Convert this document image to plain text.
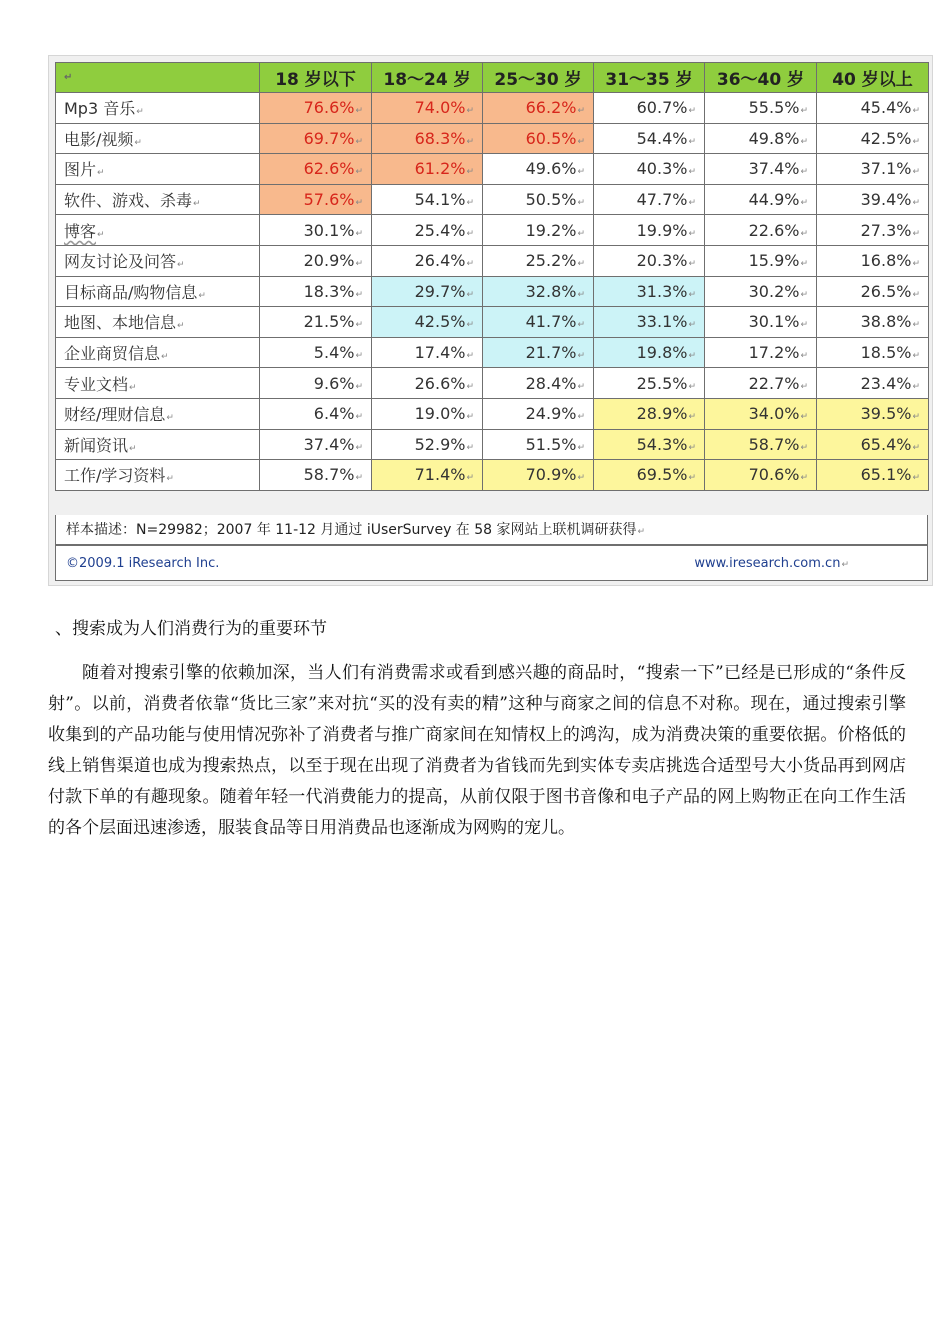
↵	18 岁以下	18～24 岁	25～30 岁	31～35 岁	36～40 岁	40 岁以上
Mp3 音乐↵	76.6%↵	74.0%↵	66.2%↵	60.7%↵	55.5%↵	45.4%↵
电影/视频↵	69.7%↵	68.3%↵	60.5%↵	54.4%↵	49.8%↵	42.5%↵
图片↵	62.6%↵	61.2%↵	49.6%↵	40.3%↵	37.4%↵	37.1%↵
软件、游戏、杀毒↵	57.6%↵	54.1%↵	50.5%↵	47.7%↵	44.9%↵	39.4%↵
博客↵	30.1%↵	25.4%↵	19.2%↵	19.9%↵	22.6%↵	27.3%↵
网友讨论及问答↵	20.9%↵	26.4%↵	25.2%↵	20.3%↵	15.9%↵	16.8%↵
目标商品/购物信息↵	18.3%↵	29.7%↵	32.8%↵	31.3%↵	30.2%↵	26.5%↵
地图、本地信息↵	21.5%↵	42.5%↵	41.7%↵	33.1%↵	30.1%↵	38.8%↵
企业商贸信息↵	5.4%↵	17.4%↵	21.7%↵	19.8%↵	17.2%↵	18.5%↵
专业文档↵	9.6%↵	26.6%↵	28.4%↵	25.5%↵	22.7%↵	23.4%↵
财经/理财信息↵	6.4%↵	19.0%↵	24.9%↵	28.9%↵	34.0%↵	39.5%↵
新闻资讯↵	37.4%↵	52.9%↵	51.5%↵	54.3%↵	58.7%↵	65.4%↵
工作/学习资料↵	58.7%↵	71.4%↵	70.9%↵	69.5%↵	70.6%↵	65.1%↵
样本描述：N=29982；2007 年 11-12 月通过 iUserSurvey 在 58 家网站上联机调研获得↵
©2009.1 iResearch Inc.	www.iresearch.com.cn↵
、搜索成为人们消费行为的重要环节

随着对搜索引擎的依赖加深，当人们有消费需求或看到感兴趣的商品时，“搜索一下”已经是已形成的“条件反射”。以前，消费者依靠“货比三家”来对抗“买的没有卖的精”这种与商家之间的信息不对称。现在，通过搜索引擎收集到的产品功能与使用情况弥补了消费者与推广商家间在知情权上的鸿沟，成为消费决策的重要依据。价格低的线上销售渠道也成为搜索热点，以至于现在出现了消费者为省钱而先到实体专卖店挑选合适型号大小货品再到网店付款下单的有趣现象。随着年轻一代消费能力的提高，从前仅限于图书音像和电子产品的网上购物正在向工作生活的各个层面迅速渗透，服装食品等日用消费品也逐渐成为网购的宠儿。
